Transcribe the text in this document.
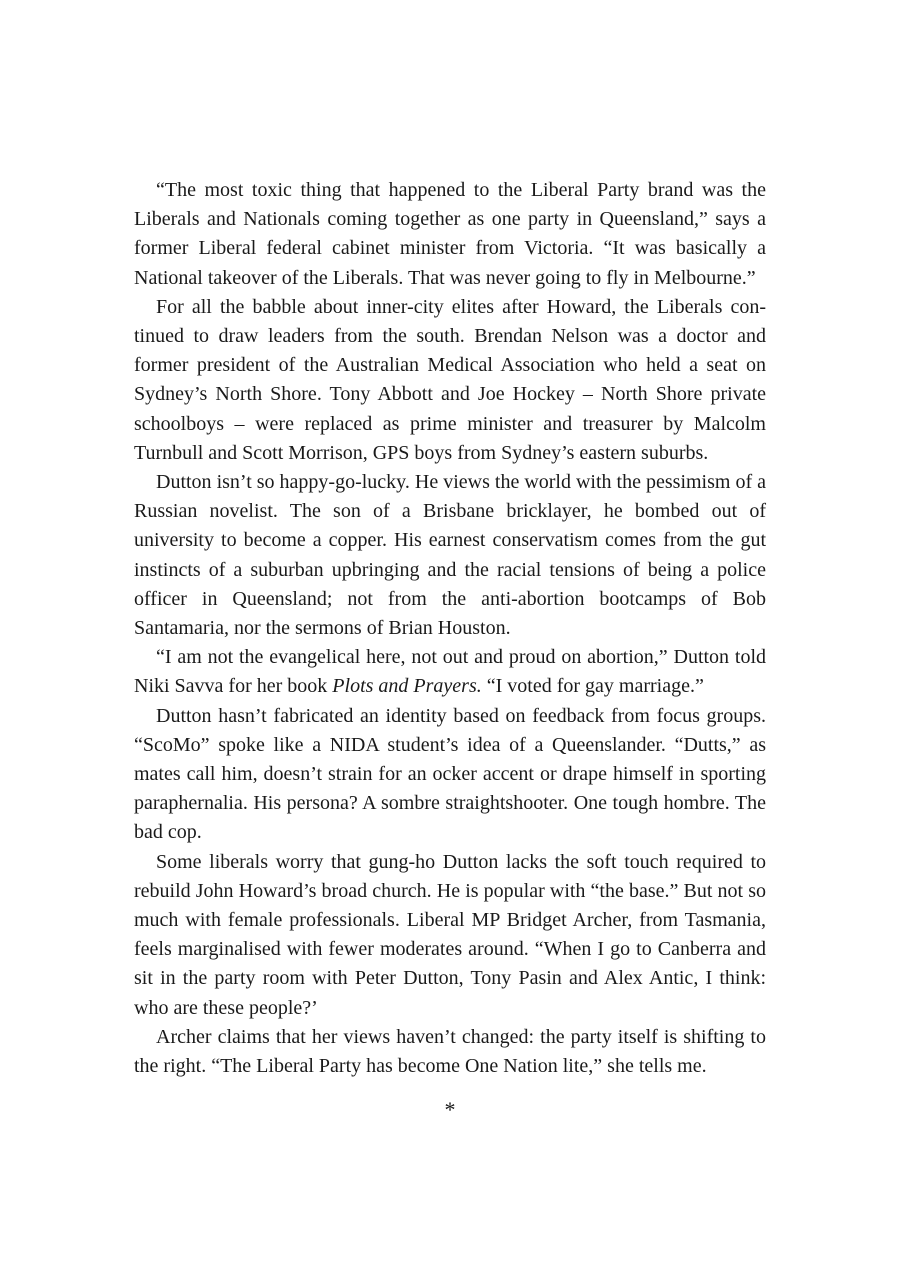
“The most toxic thing that happened to the Liberal Party brand was the Liberals and Nationals coming together as one party in Queensland,” says a former Liberal federal cabinet minister from Victoria. “It was basically a National takeover of the Liberals. That was never going to fly in Melbourne.”

For all the babble about inner-city elites after Howard, the Liberals continued to draw leaders from the south. Brendan Nelson was a doctor and former president of the Australian Medical Association who held a seat on Sydney’s North Shore. Tony Abbott and Joe Hockey – North Shore private schoolboys – were replaced as prime minister and treasurer by Malcolm Turnbull and Scott Morrison, GPS boys from Sydney’s eastern suburbs.

Dutton isn’t so happy-go-lucky. He views the world with the pessimism of a Russian novelist. The son of a Brisbane bricklayer, he bombed out of university to become a copper. His earnest conservatism comes from the gut instincts of a suburban upbringing and the racial tensions of being a police officer in Queensland; not from the anti-abortion bootcamps of Bob Santamaria, nor the sermons of Brian Houston.

“I am not the evangelical here, not out and proud on abortion,” Dutton told Niki Savva for her book Plots and Prayers. “I voted for gay marriage.”

Dutton hasn’t fabricated an identity based on feedback from focus groups. “ScoMo” spoke like a NIDA student’s idea of a Queenslander. “Dutts,” as mates call him, doesn’t strain for an ocker accent or drape himself in sporting paraphernalia. His persona? A sombre straightshooter. One tough hombre. The bad cop.

Some liberals worry that gung-ho Dutton lacks the soft touch required to rebuild John Howard’s broad church. He is popular with “the base.” But not so much with female professionals. Liberal MP Bridget Archer, from Tasmania, feels marginalised with fewer moderates around. “When I go to Canberra and sit in the party room with Peter Dutton, Tony Pasin and Alex Antic, I think: who are these people?’

Archer claims that her views haven’t changed: the party itself is shifting to the right. “The Liberal Party has become One Nation lite,” she tells me.

*
